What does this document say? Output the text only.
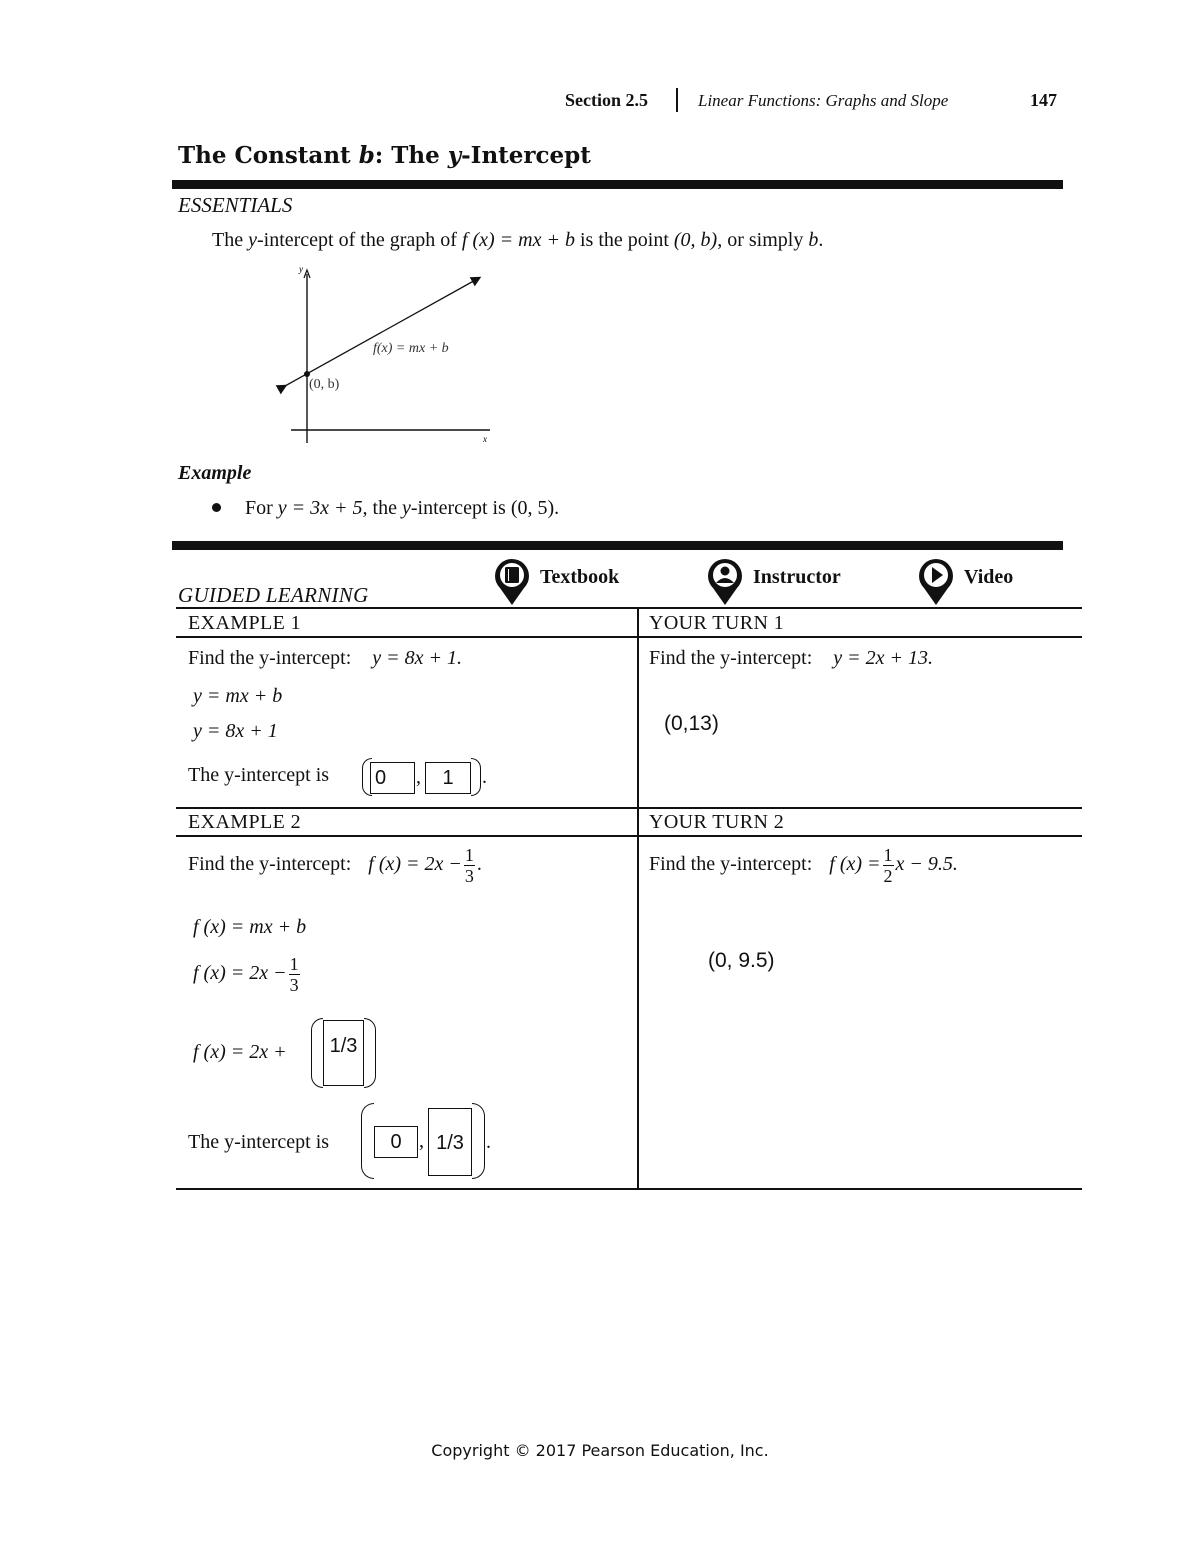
Section 2.5	Linear Functions: Graphs and Slope	147
The Constant b: The y-Intercept
ESSENTIALS
The y-intercept of the graph of f (x) = mx + b is the point (0, b), or simply b.
y
x
f(x) = mx + b
(0, b)
Example
For y = 3x + 5, the y-intercept is (0, 5).
GUIDED LEARNING
Textbook	Instructor	Video
EXAMPLE 1
Find the y-intercept: y = 8x + 1.
y = mx + b
y = 8x + 1
The y-intercept is 0	,	1	.
YOUR TURN 1
Find the y-intercept: y = 2x + 13.
(0,13)
EXAMPLE 2
Find the y-intercept: f $(x) = 2x - \frac{1}{3}$ .
f (x) = mx + b
f $(x) = 2x - \frac{1}{3}$
f (x) = 2x +	1/3
The y-intercept is	0 , 1/3	.
YOUR TURN 2
Find the y-intercept: f $(x) = \frac{1}{2}$ x − 9.5.
(0, 9.5)
Copyright © 2017 Pearson Education, Inc.
